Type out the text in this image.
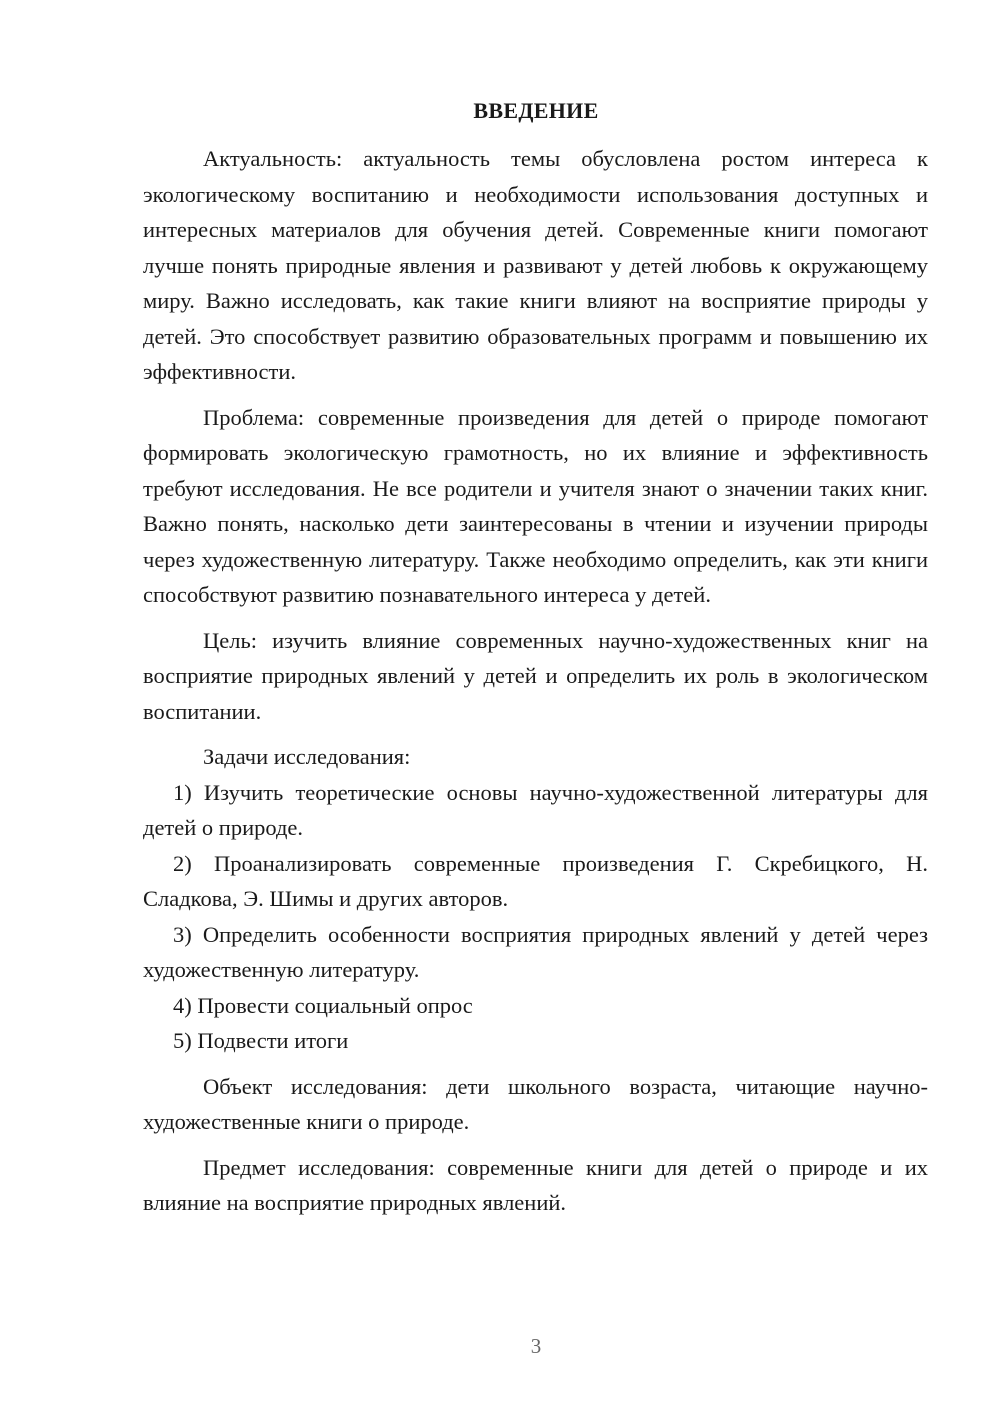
ВВЕДЕНИЕ

Актуальность: актуальность темы обусловлена ростом интереса к экологическому воспитанию и необходимости использования доступных и интересных материалов для обучения детей. Современные книги помогают лучше понять природные явления и развивают у детей любовь к окружающему миру. Важно исследовать, как такие книги влияют на восприятие природы у детей. Это способствует развитию образовательных программ и повышению их эффективности.

Проблема: современные произведения для детей о природе помогают формировать экологическую грамотность, но их влияние и эффективность требуют исследования. Не все родители и учителя знают о значении таких книг. Важно понять, насколько дети заинтересованы в чтении и изучении природы через художественную литературу. Также необходимо определить, как эти книги способствуют развитию познавательного интереса у детей.

Цель: изучить влияние современных научно-художественных книг на восприятие природных явлений у детей и определить их роль в экологическом воспитании.

Задачи исследования:

1) Изучить теоретические основы научно-художественной литературы для детей о природе.

2) Проанализировать современные произведения Г. Скребицкого, Н. Сладкова, Э. Шимы и других авторов.

3) Определить особенности восприятия природных явлений у детей через художественную литературу.

4) Провести социальный опрос

5) Подвести итоги

Объект исследования: дети школьного возраста, читающие научно-художественные книги о природе.

Предмет исследования: современные книги для детей о природе и их влияние на восприятие природных явлений.

3
